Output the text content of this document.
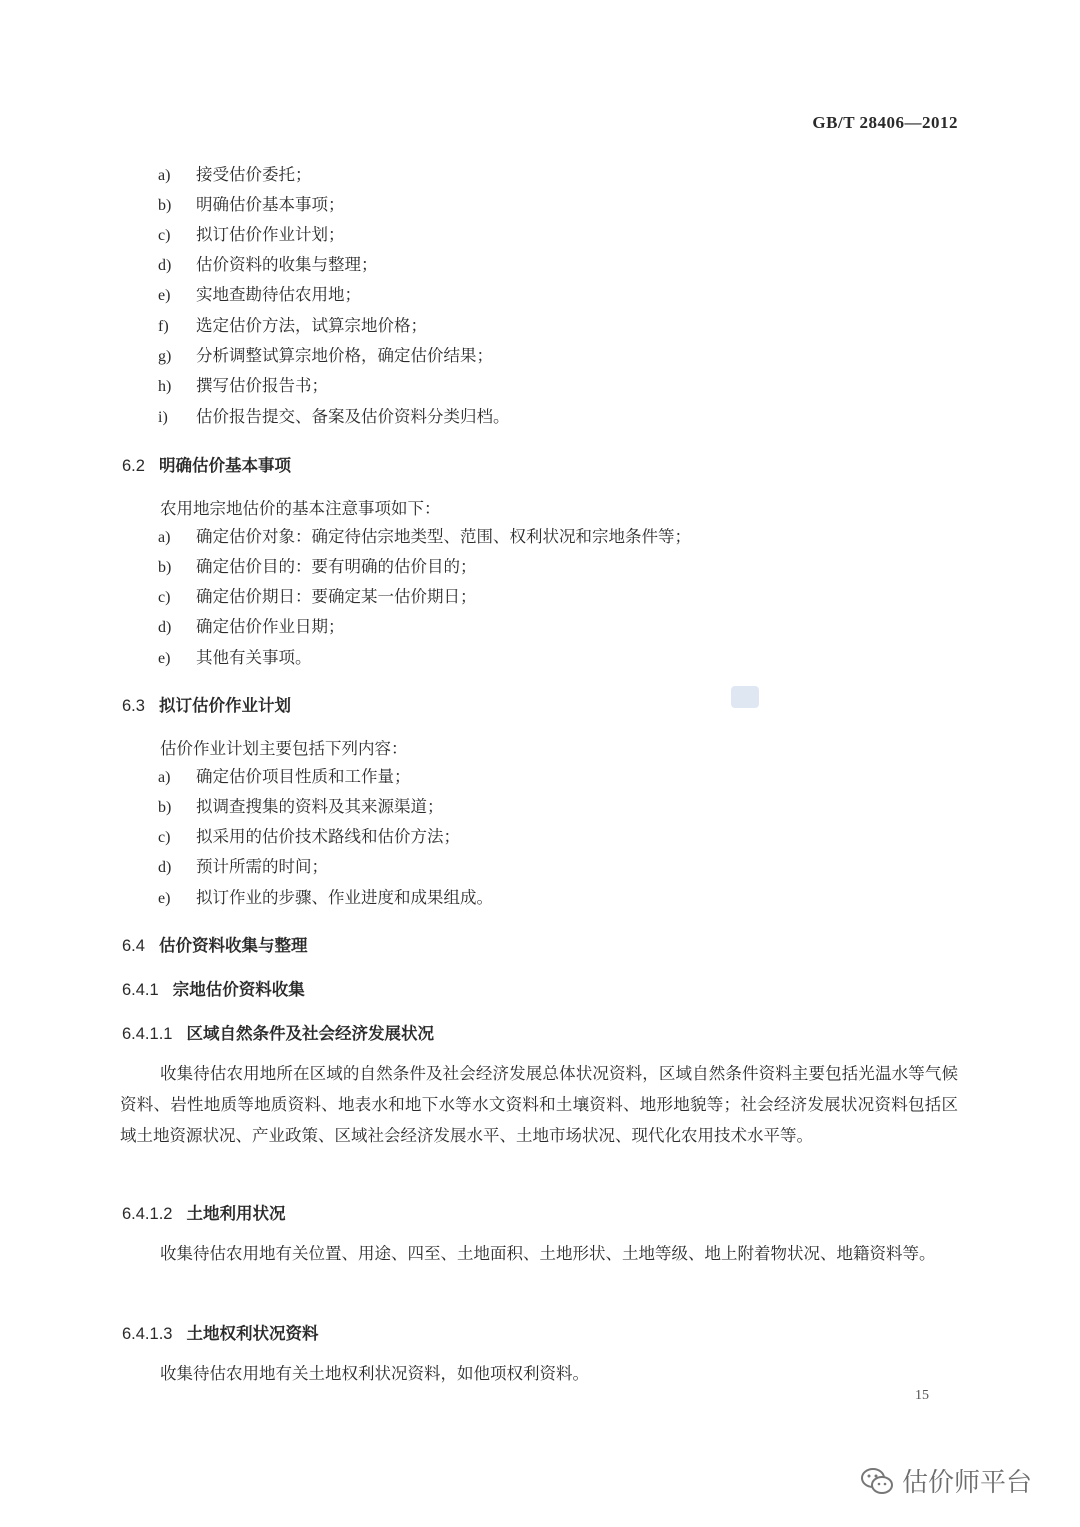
GB/T 28406—2012
a) 接受估价委托；
b) 明确估价基本事项；
c) 拟订估价作业计划；
d) 估价资料的收集与整理；
e) 实地查勘待估农用地；
f) 选定估价方法，试算宗地价格；
g) 分析调整试算宗地价格，确定估价结果；
h) 撰写估价报告书；
i) 估价报告提交、备案及估价资料分类归档。
6.2 明确估价基本事项
农用地宗地估价的基本注意事项如下：
a) 确定估价对象：确定待估宗地类型、范围、权利状况和宗地条件等；
b) 确定估价目的：要有明确的估价目的；
c) 确定估价期日：要确定某一估价期日；
d) 确定估价作业日期；
e) 其他有关事项。
6.3 拟订估价作业计划
估价作业计划主要包括下列内容：
a) 确定估价项目性质和工作量；
b) 拟调查搜集的资料及其来源渠道；
c) 拟采用的估价技术路线和估价方法；
d) 预计所需的时间；
e) 拟订作业的步骤、作业进度和成果组成。
6.4 估价资料收集与整理
6.4.1 宗地估价资料收集
6.4.1.1 区域自然条件及社会经济发展状况
收集待估农用地所在区域的自然条件及社会经济发展总体状况资料，区域自然条件资料主要包括光温水等气候资料、岩性地质等地质资料、地表水和地下水等水文资料和土壤资料、地形地貌等；社会经济发展状况资料包括区域土地资源状况、产业政策、区域社会经济发展水平、土地市场状况、现代化农用技术水平等。
6.4.1.2 土地利用状况
收集待估农用地有关位置、用途、四至、土地面积、土地形状、土地等级、地上附着物状况、地籍资料等。
6.4.1.3 土地权利状况资料
收集待估农用地有关土地权利状况资料，如他项权利资料。
15
估价师平台
